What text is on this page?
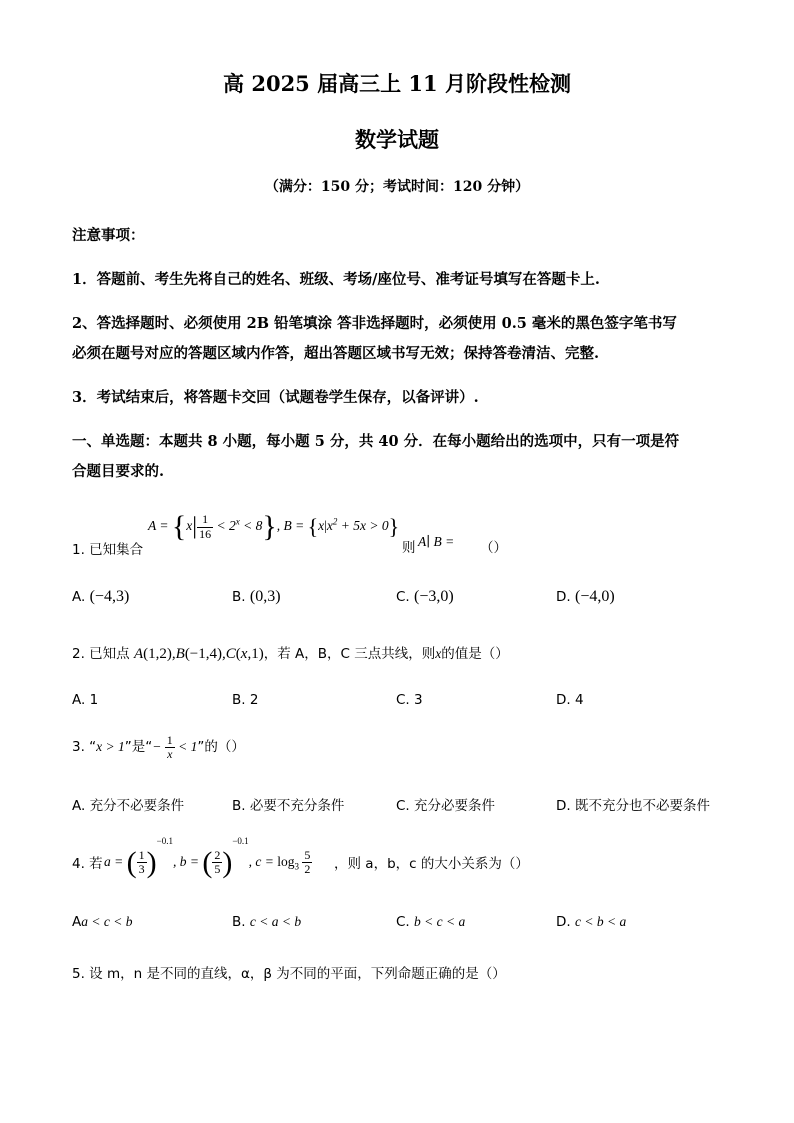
高 2025 届高三上 11 月阶段性检测
数学试题
（满分：150 分；考试时间：120 分钟）
注意事项：
1．答题前、考生先将自己的姓名、班级、考场/座位号、准考证号填写在答题卡上.
2、答选择题时、必须使用 2B 铅笔填涂 答非选择题时，必须使用 0.5 毫米的黑色签字笔书写
必须在题号对应的答题区域内作答，超出答题区域书写无效；保持答卷清洁、完整.
3．考试结束后，将答题卡交回（试题卷学生保存，以备评讲）.
一、单选题：本题共 8 小题，每小题 5 分，共 40 分．在每小题给出的选项中，只有一项是符
合题目要求的.
1. 已知集合
$A = \{x| \frac{1}{16} < 2^x < 8\}$, $B = \{x|x^2 + 5x > 0\}$
则 A∣ B = （）
A. (−4,3)	B. (0,3)	C. (−3,0)	D. (−4,0)
2. 已知点 A(1,2),B(−1,4),C(x,1)，若 A，B，C 三点共线，则x的值是（）
A. 1	B. 2	C. 3	D. 4
3. “x > 1”是“− $\frac{1}{x} < 1$”的（）
A. 充分不必要条件	B. 必要不充分条件	C. 充分必要条件	D. 既不充分也不必要条件
4. 若 a = ( $\frac{1}{3} )^{-0.1}$, b = ( $\frac{2}{5} )^{-0.1}$, $c = \log_3 \frac{5}{2}$ ，则 a，b，c 的大小关系为（）
Aa < c < b	B. c < a < b	C. b < c < a	D. c < b < a
5. 设 m，n 是不同的直线，α，β 为不同的平面，下列命题正确的是（）
